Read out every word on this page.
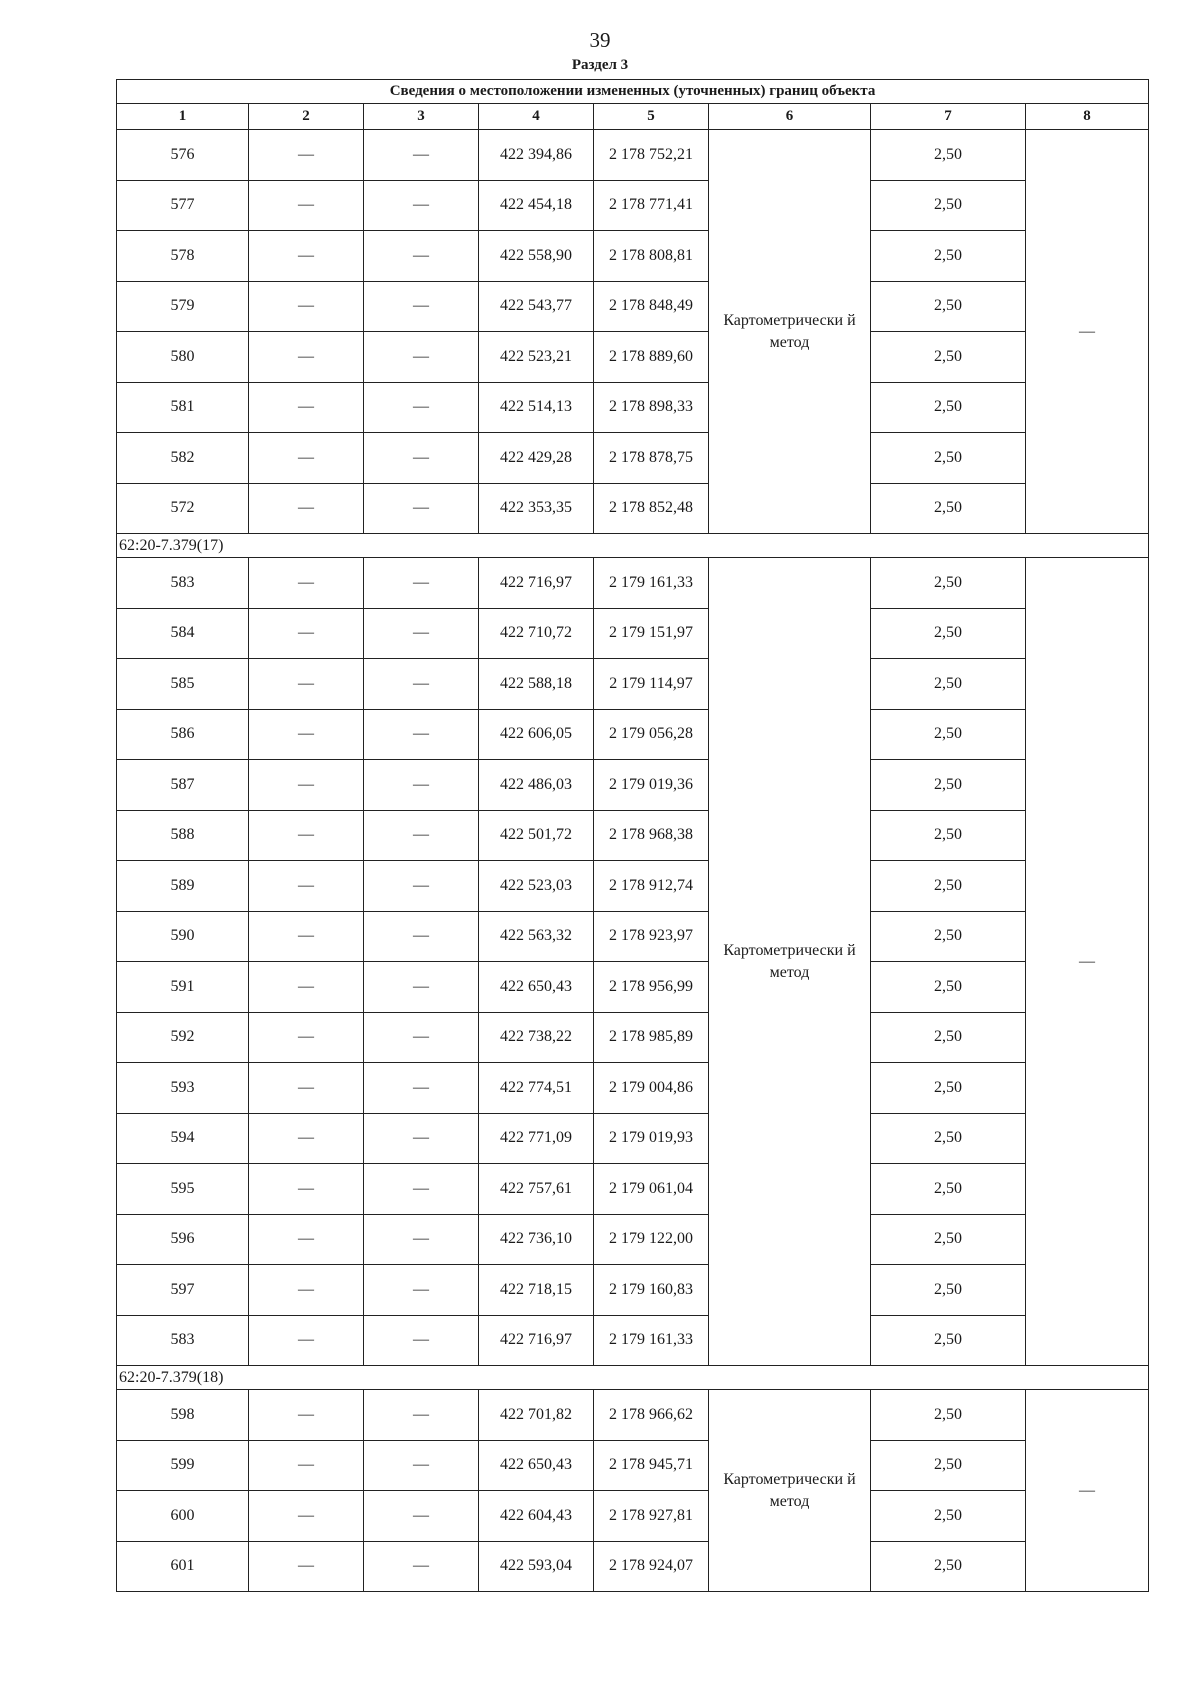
39
Раздел 3
Сведения о местоположении измененных (уточненных) границ объекта							
1	2	3	4	5	6	7	8
576	—	—	422 394,86	2 178 752,21	Картометрически й метод	2,50	—
577	—	—	422 454,18	2 178 771,41		2,50	
578	—	—	422 558,90	2 178 808,81		2,50	
579	—	—	422 543,77	2 178 848,49		2,50	
580	—	—	422 523,21	2 178 889,60		2,50	
581	—	—	422 514,13	2 178 898,33		2,50	
582	—	—	422 429,28	2 178 878,75		2,50	
572	—	—	422 353,35	2 178 852,48		2,50	
62:20-7.379(17)							
583	—	—	422 716,97	2 179 161,33	Картометрически й метод	2,50	—
584	—	—	422 710,72	2 179 151,97		2,50	
585	—	—	422 588,18	2 179 114,97		2,50	
586	—	—	422 606,05	2 179 056,28		2,50	
587	—	—	422 486,03	2 179 019,36		2,50	
588	—	—	422 501,72	2 178 968,38		2,50	
589	—	—	422 523,03	2 178 912,74		2,50	
590	—	—	422 563,32	2 178 923,97		2,50	
591	—	—	422 650,43	2 178 956,99		2,50	
592	—	—	422 738,22	2 178 985,89		2,50	
593	—	—	422 774,51	2 179 004,86		2,50	
594	—	—	422 771,09	2 179 019,93		2,50	
595	—	—	422 757,61	2 179 061,04		2,50	
596	—	—	422 736,10	2 179 122,00		2,50	
597	—	—	422 718,15	2 179 160,83		2,50	
583	—	—	422 716,97	2 179 161,33		2,50	
62:20-7.379(18)							
598	—	—	422 701,82	2 178 966,62	Картометрически й метод	2,50	—
599	—	—	422 650,43	2 178 945,71		2,50	
600	—	—	422 604,43	2 178 927,81		2,50	
601	—	—	422 593,04	2 178 924,07		2,50	
